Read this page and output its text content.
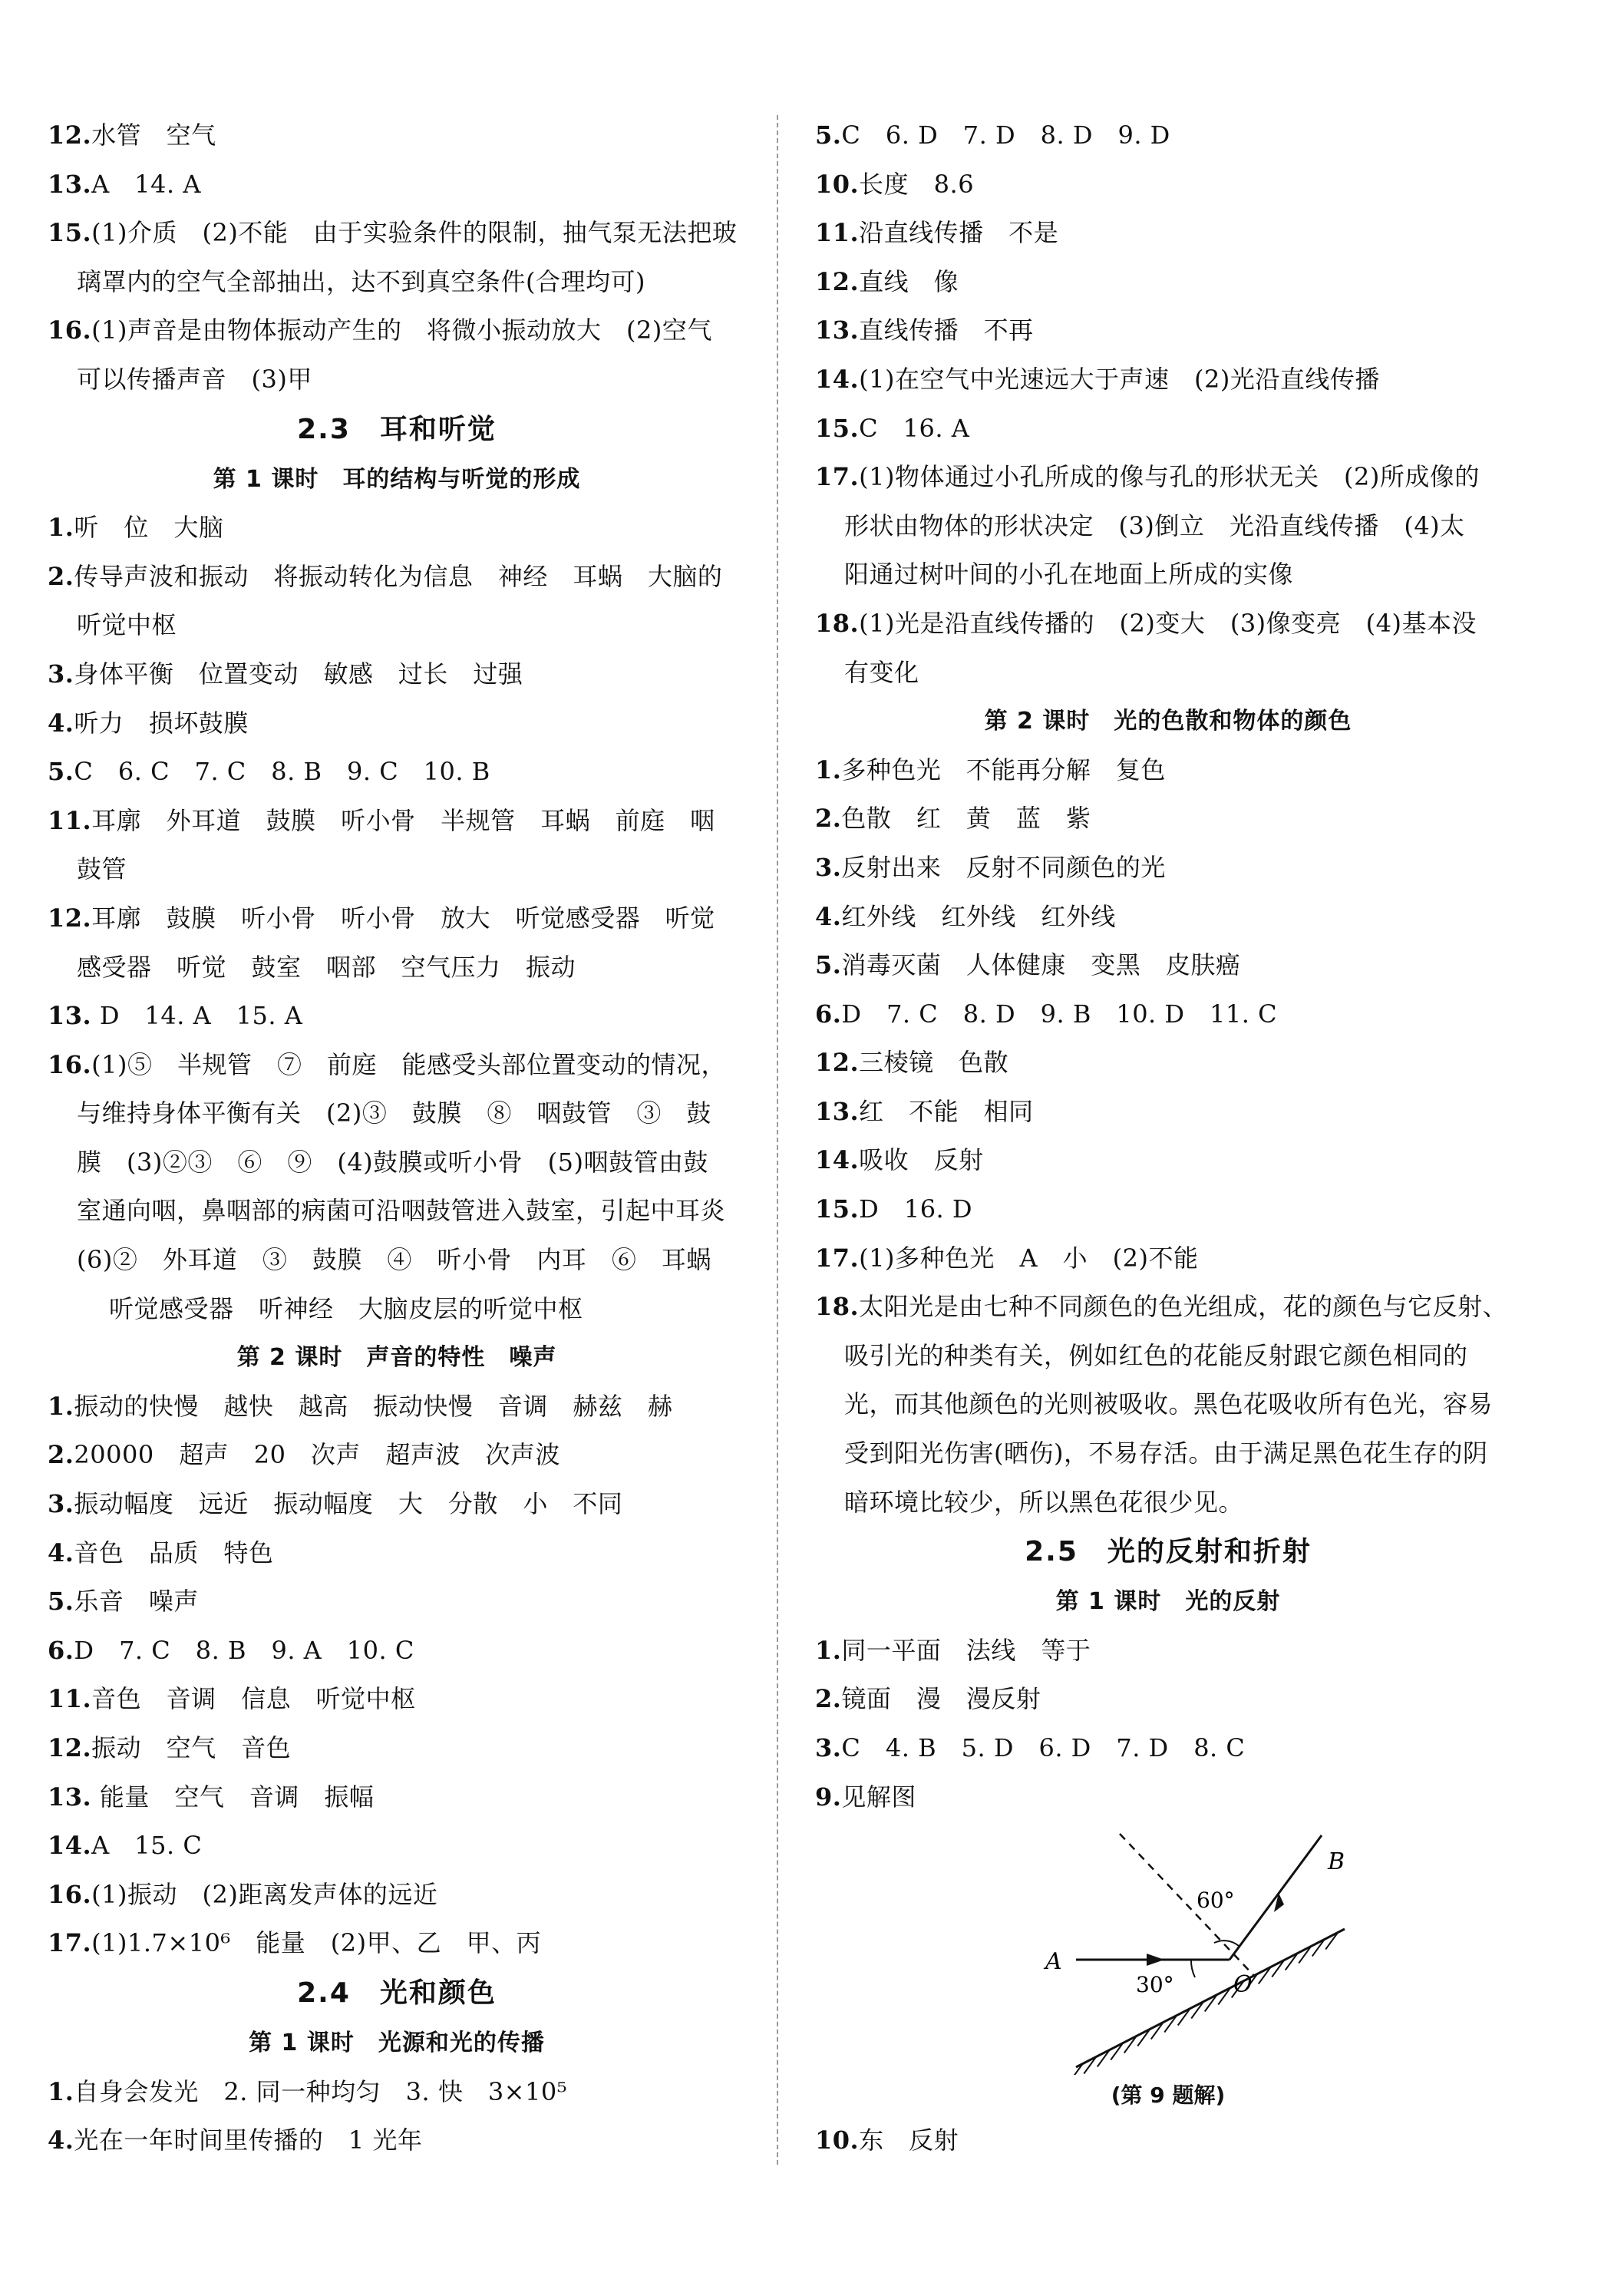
12.水管　空气
13.A　14. A
15.(1)介质　(2)不能　由于实验条件的限制，抽气泵无法把玻
璃罩内的空气全部抽出，达不到真空条件(合理均可)
16.(1)声音是由物体振动产生的　将微小振动放大　(2)空气
可以传播声音　(3)甲
2.3　耳和听觉
第 1 课时　耳的结构与听觉的形成
1.听　位　大脑
2.传导声波和振动　将振动转化为信息　神经　耳蜗　大脑的
听觉中枢
3.身体平衡　位置变动　敏感　过长　过强
4.听力　损坏鼓膜
5.C　6. C　7. C　8. B　9. C　10. B
11.耳廓　外耳道　鼓膜　听小骨　半规管　耳蜗　前庭　咽
鼓管
12.耳廓　鼓膜　听小骨　听小骨　放大　听觉感受器　听觉
感受器　听觉　鼓室　咽部　空气压力　振动
13. D　14. A　15. A
16.(1)⑤　半规管　⑦　前庭　能感受头部位置变动的情况，
与维持身体平衡有关　(2)③　鼓膜　⑧　咽鼓管　③　鼓
膜　(3)②③　⑥　⑨　(4)鼓膜或听小骨　(5)咽鼓管由鼓
室通向咽，鼻咽部的病菌可沿咽鼓管进入鼓室，引起中耳炎
(6)②　外耳道　③　鼓膜　④　听小骨　内耳　⑥　耳蜗
听觉感受器　听神经　大脑皮层的听觉中枢
第 2 课时　声音的特性　噪声
1.振动的快慢　越快　越高　振动快慢　音调　赫兹　赫
2.20000　超声　20　次声　超声波　次声波
3.振动幅度　远近　振动幅度　大　分散　小　不同
4.音色　品质　特色
5.乐音　噪声
6.D　7. C　8. B　9. A　10. C
11.音色　音调　信息　听觉中枢
12.振动　空气　音色
13. 能量　空气　音调　振幅
14.A　15. C
16.(1)振动　(2)距离发声体的远近
17.(1)1.7×10⁶　能量　(2)甲、乙　甲、丙
2.4　光和颜色
第 1 课时　光源和光的传播
1.自身会发光　2. 同一种均匀　3. 快　3×10⁵
4.光在一年时间里传播的　1 光年
5.C　6. D　7. D　8. D　9. D
10.长度　8.6
11.沿直线传播　不是
12.直线　像
13.直线传播　不再
14.(1)在空气中光速远大于声速　(2)光沿直线传播
15.C　16. A
17.(1)物体通过小孔所成的像与孔的形状无关　(2)所成像的
形状由物体的形状决定　(3)倒立　光沿直线传播　(4)太
阳通过树叶间的小孔在地面上所成的实像
18.(1)光是沿直线传播的　(2)变大　(3)像变亮　(4)基本没
有变化
第 2 课时　光的色散和物体的颜色
1.多种色光　不能再分解　复色
2.色散　红　黄　蓝　紫
3.反射出来　反射不同颜色的光
4.红外线　红外线　红外线
5.消毒灭菌　人体健康　变黑　皮肤癌
6.D　7. C　8. D　9. B　10. D　11. C
12.三棱镜　色散
13.红　不能　相同
14.吸收　反射
15.D　16. D
17.(1)多种色光　A　小　(2)不能
18.太阳光是由七种不同颜色的色光组成，花的颜色与它反射、
吸引光的种类有关，例如红色的花能反射跟它颜色相同的
光，而其他颜色的光则被吸收。黑色花吸收所有色光，容易
受到阳光伤害(晒伤)，不易存活。由于满足黑色花生存的阴
暗环境比较少，所以黑色花很少见。
2.5　光的反射和折射
第 1 课时　光的反射
1.同一平面　法线　等于
2.镜面　漫　漫反射
3.C　4. B　5. D　6. D　7. D　8. C
9.见解图
A
B
O
30°
60°
(第 9 题解)
10.东　反射
